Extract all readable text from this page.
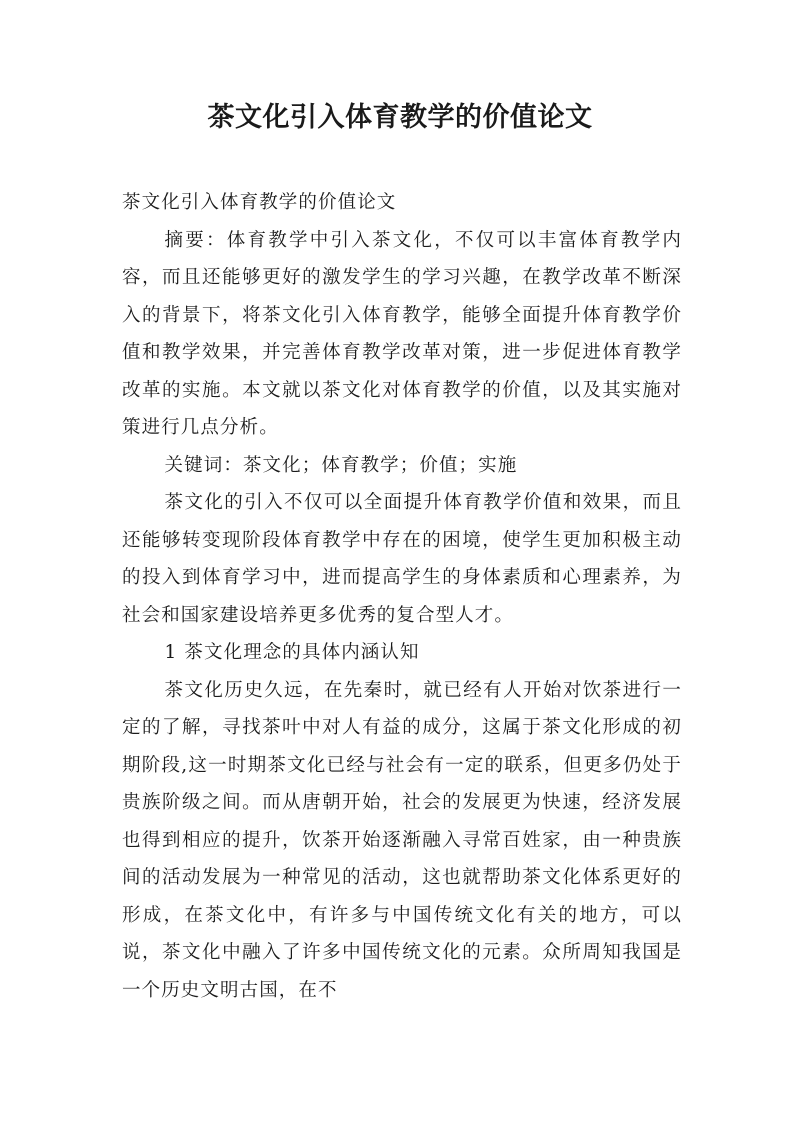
茶文化引入体育教学的价值论文

茶文化引入体育教学的价值论文

摘要：体育教学中引入茶文化，不仅可以丰富体育教学内容，而且还能够更好的激发学生的学习兴趣，在教学改革不断深入的背景下，将茶文化引入体育教学，能够全面提升体育教学价值和教学效果，并完善体育教学改革对策，进一步促进体育教学改革的实施。本文就以茶文化对体育教学的价值，以及其实施对策进行几点分析。

关键词：茶文化；体育教学；价值；实施

茶文化的引入不仅可以全面提升体育教学价值和效果，而且还能够转变现阶段体育教学中存在的困境，使学生更加积极主动的投入到体育学习中，进而提高学生的身体素质和心理素养，为社会和国家建设培养更多优秀的复合型人才。

1 茶文化理念的具体内涵认知

茶文化历史久远，在先秦时，就已经有人开始对饮茶进行一定的了解，寻找茶叶中对人有益的成分，这属于茶文化形成的初期阶段,这一时期茶文化已经与社会有一定的联系，但更多仍处于贵族阶级之间。而从唐朝开始，社会的发展更为快速，经济发展也得到相应的提升，饮茶开始逐渐融入寻常百姓家，由一种贵族间的活动发展为一种常见的活动，这也就帮助茶文化体系更好的形成，在茶文化中，有许多与中国传统文化有关的地方，可以说，茶文化中融入了许多中国传统文化的元素。众所周知我国是一个历史文明古国，在不
